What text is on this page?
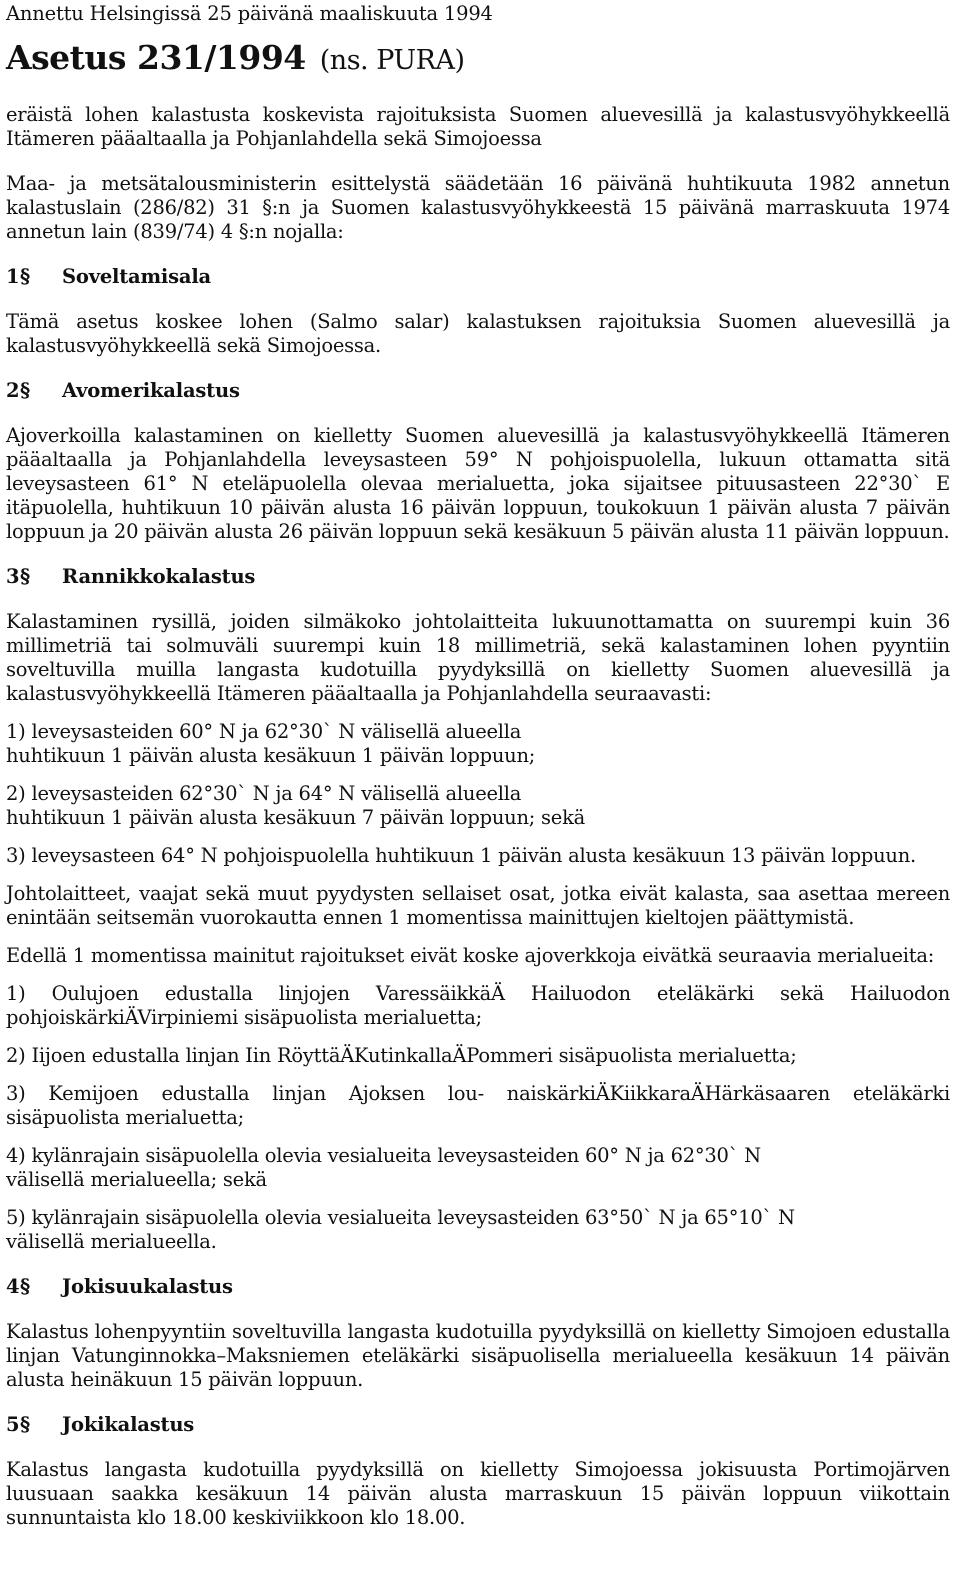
Annettu Helsingissä 25 päivänä maaliskuuta 1994
Asetus 231/1994 (ns. PURA)

eräistä lohen kalastusta koskevista rajoituksista Suomen aluevesillä ja kalastusvyöhykkeellä Itämeren pääaltaalla ja Pohjanlahdella sekä Simojoessa

Maa- ja metsätalousministerin esittelystä säädetään 16 päivänä huhtikuuta 1982 annetun kalastuslain (286/82) 31 §:n ja Suomen kalastusvyöhykkeestä 15 päivänä marraskuuta 1974 annetun lain (839/74) 4 §:n nojalla:

1§ Soveltamisala

Tämä asetus koskee lohen (Salmo salar) kalastuksen rajoituksia Suomen aluevesillä ja kalastusvyöhykkeellä sekä Simojoessa.

2§ Avomerikalastus

Ajoverkoilla kalastaminen on kielletty Suomen aluevesillä ja kalastusvyöhykkeellä Itämeren pääaltaalla ja Pohjanlahdella leveysasteen 59° N pohjoispuolella, lukuun ottamatta sitä leveysasteen 61° N eteläpuolella olevaa merialuetta, joka sijaitsee pituusasteen 22°30` E itäpuolella, huhtikuun 10 päivän alusta 16 päivän loppuun, toukokuun 1 päivän alusta 7 päivän loppuun ja 20 päivän alusta 26 päivän loppuun sekä kesäkuun 5 päivän alusta 11 päivän loppuun.

3§ Rannikkokalastus

Kalastaminen rysillä, joiden silmäkoko johtolaitteita lukuunottamatta on suurempi kuin 36 millimetriä tai solmuväli suurempi kuin 18 millimetriä, sekä kalastaminen lohen pyyntiin soveltuvilla muilla langasta kudotuilla pyydyksillä on kielletty Suomen aluevesillä ja kalastusvyöhykkeellä Itämeren pääaltaalla ja Pohjanlahdella seuraavasti:

1) leveysasteiden 60° N ja 62°30` N välisellä alueella
huhtikuun 1 päivän alusta kesäkuun 1 päivän loppuun;

2) leveysasteiden 62°30` N ja 64° N välisellä alueella
huhtikuun 1 päivän alusta kesäkuun 7 päivän loppuun; sekä

3) leveysasteen 64° N pohjoispuolella huhtikuun 1 päivän alusta kesäkuun 13 päivän loppuun.

Johtolaitteet, vaajat sekä muut pyydysten sellaiset osat, jotka eivät kalasta, saa asettaa mereen enintään seitsemän vuorokautta ennen 1 momentissa mainittujen kieltojen päättymistä.

Edellä 1 momentissa mainitut rajoitukset eivät koske ajoverkkoja eivätkä seuraavia merialueita:

1) Oulujoen edustalla linjojen VaressäikkäÄ Hailuodon eteläkärki sekä Hailuodon pohjoiskärkiÄVirpiniemi sisäpuolista merialuetta;

2) Iijoen edustalla linjan Iin RöyttäÄKutinkallaÄPommeri sisäpuolista merialuetta;

3) Kemijoen edustalla linjan Ajoksen lou- naiskärkiÄKiikkaraÄHärkäsaaren eteläkärki sisäpuolista merialuetta;

4) kylänrajain sisäpuolella olevia vesialueita leveysasteiden 60° N ja 62°30` N
välisellä merialueella; sekä

5) kylänrajain sisäpuolella olevia vesialueita leveysasteiden 63°50` N ja 65°10` N
välisellä merialueella.

4§ Jokisuukalastus

Kalastus lohenpyyntiin soveltuvilla langasta kudotuilla pyydyksillä on kielletty Simojoen edustalla linjan Vatunginnokka–Maksniemen eteläkärki sisäpuolisella merialueella kesäkuun 14 päivän alusta heinäkuun 15 päivän loppuun.

5§ Jokikalastus

Kalastus langasta kudotuilla pyydyksillä on kielletty Simojoessa jokisuusta Portimojärven luusuaan saakka kesäkuun 14 päivän alusta marraskuun 15 päivän loppuun viikottain sunnuntaista klo 18.00 keskiviikkoon klo 18.00.
